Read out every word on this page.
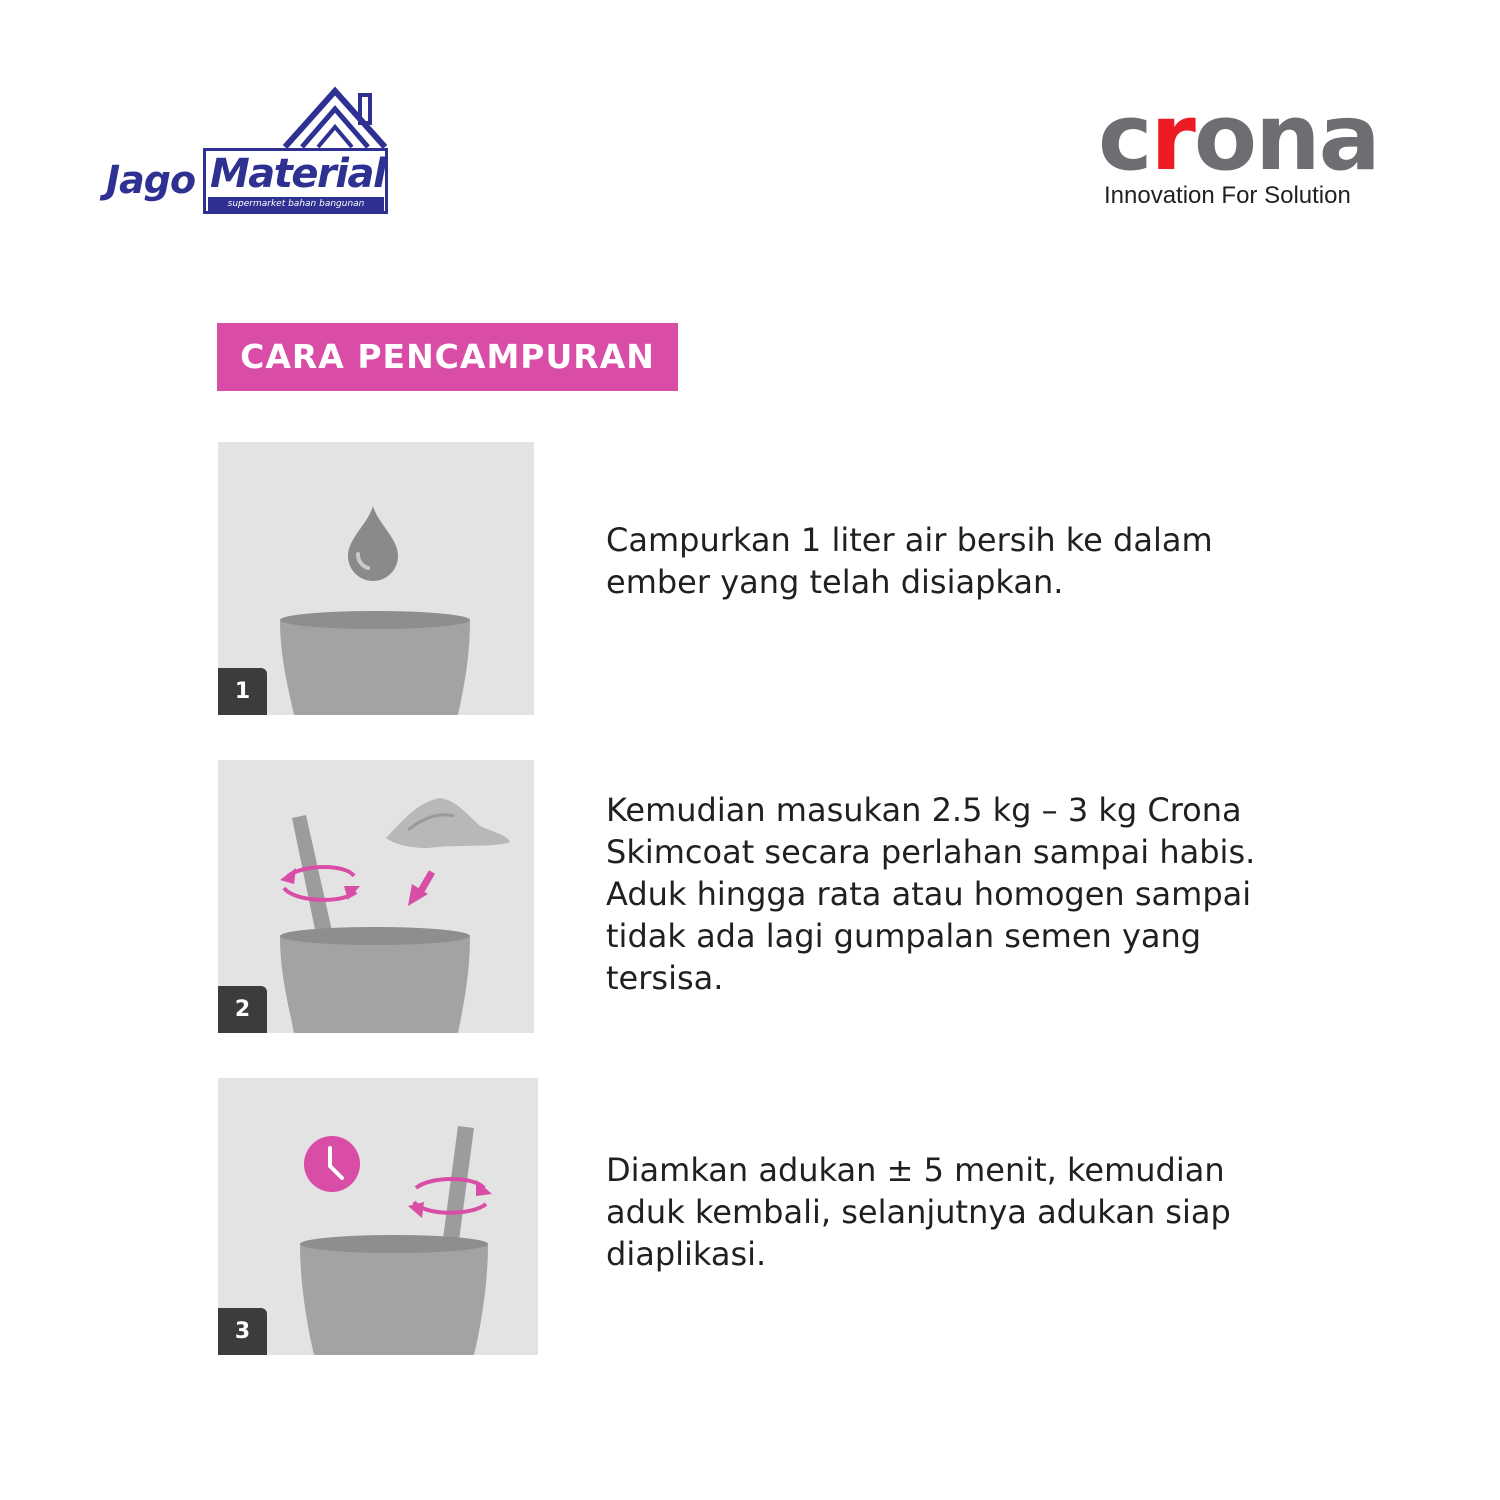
Jago Material
supermarket bahan bangunan
crona
Innovation For Solution
CARA PENCAMPURAN
1
Campurkan 1 liter air bersih ke dalam
ember yang telah disiapkan.
2
Kemudian masukan 2.5 kg – 3 kg Crona
Skimcoat secara perlahan sampai habis.
Aduk hingga rata atau homogen sampai
tidak ada lagi gumpalan semen yang
tersisa.
3
Diamkan adukan ± 5 menit, kemudian
aduk kembali, selanjutnya adukan siap
diaplikasi.
